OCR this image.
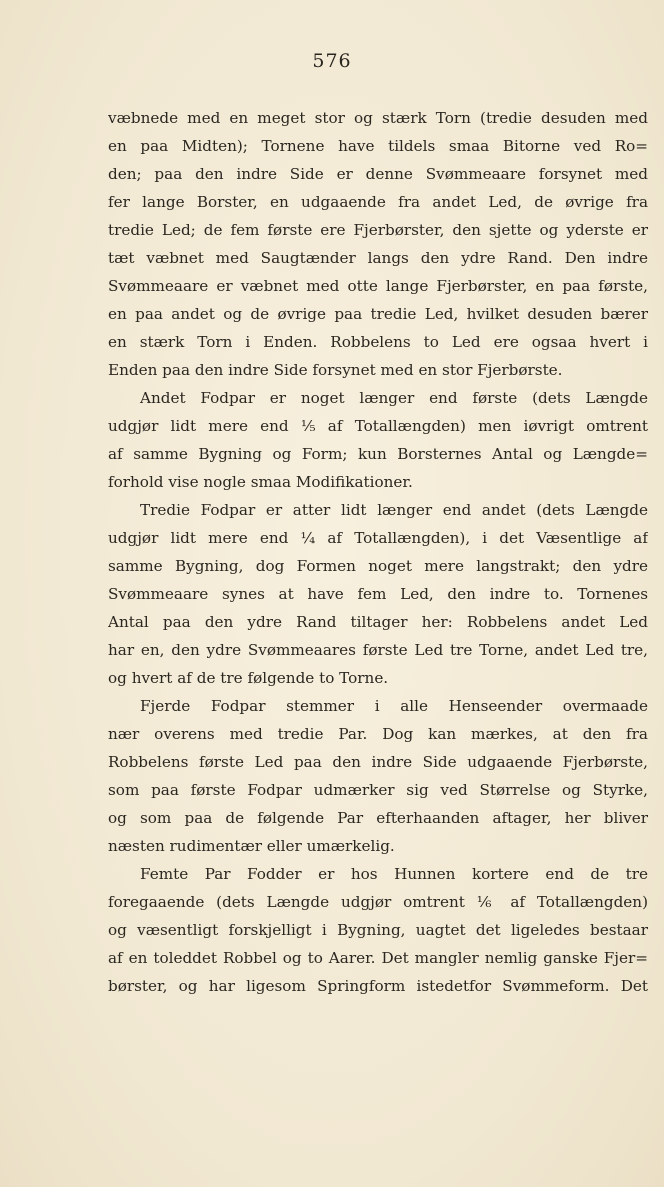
576
væbnede med en meget stor og stærk Torn (tredie desuden med
en paa Midten); Tornene have tildels smaa Bitorne ved Ro=
den; paa den indre Side er denne Svømmeaare forsynet med
fer lange Borster, en udgaaende fra andet Led, de øvrige fra
tredie Led; de fem første ere Fjerbørster, den sjette og yderste er
tæt væbnet med Saugtænder langs den ydre Rand. Den indre
Svømmeaare er væbnet med otte lange Fjerbørster, en paa første,
en paa andet og de øvrige paa tredie Led, hvilket desuden bærer
en stærk Torn i Enden. Robbelens to Led ere ogsaa hvert i
Enden paa den indre Side forsynet med en stor Fjerbørste.
Andet Fodpar er noget længer end første (dets Længde
udgjør lidt mere end ⅕ af Totallængden) men iøvrigt omtrent
af samme Bygning og Form; kun Borsternes Antal og Længde=
forhold vise nogle smaa Modifikationer.
Tredie Fodpar er atter lidt længer end andet (dets Længde
udgjør lidt mere end ¼ af Totallængden), i det Væsentlige af
samme Bygning, dog Formen noget mere langstrakt; den ydre
Svømmeaare synes at have fem Led, den indre to. Tornenes
Antal paa den ydre Rand tiltager her: Robbelens andet Led
har en, den ydre Svømmeaares første Led tre Torne, andet Led tre,
og hvert af de tre følgende to Torne.
Fjerde Fodpar stemmer i alle Henseender overmaade
nær overens med tredie Par. Dog kan mærkes, at den fra
Robbelens første Led paa den indre Side udgaaende Fjerbørste,
som paa første Fodpar udmærker sig ved Størrelse og Styrke,
og som paa de følgende Par efterhaanden aftager, her bliver
næsten rudimentær eller umærkelig.
Femte Par Fodder er hos Hunnen kortere end de tre
foregaaende (dets Længde udgjør omtrent ⅙ af Totallængden)
og væsentligt forskjelligt i Bygning, uagtet det ligeledes bestaar
af en toleddet Robbel og to Aarer. Det mangler nemlig ganske Fjer=
børster, og har ligesom Springform istedetfor Svømmeform. Det
